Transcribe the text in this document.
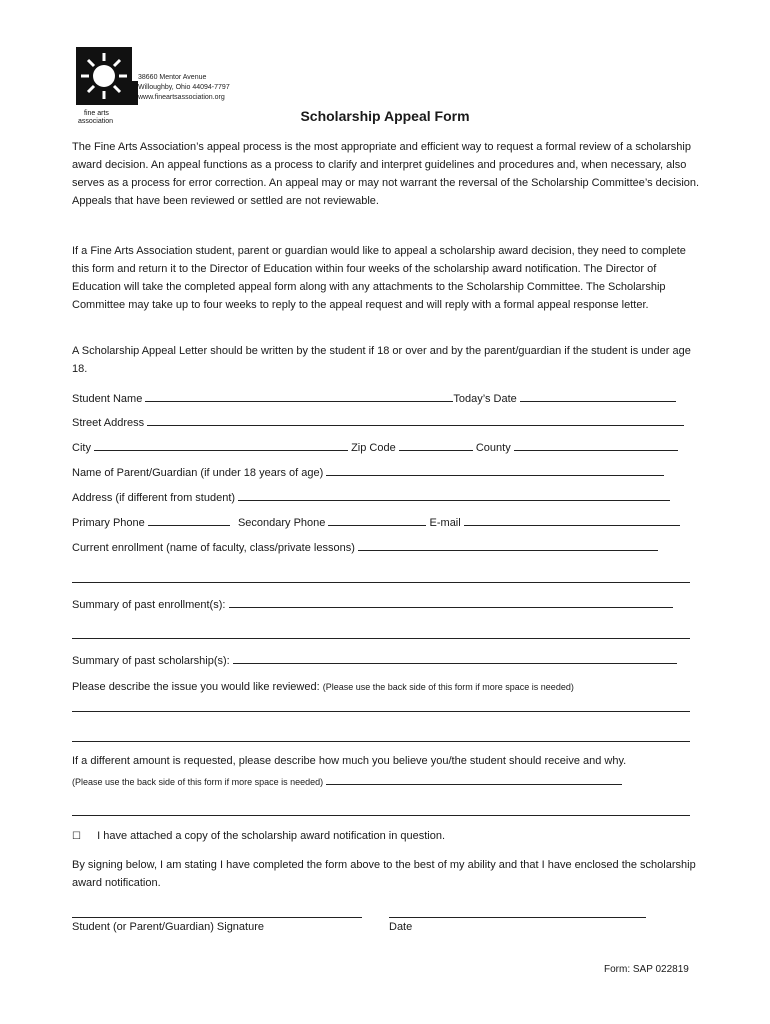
fine arts
association
38660 Mentor Avenue
Willoughby, Ohio 44094-7797
www.fineartsassociation.org
Scholarship Appeal Form
The Fine Arts Association’s appeal process is the most appropriate and efficient way to request a formal review of a scholarship award decision. An appeal functions as a process to clarify and interpret guidelines and procedures and, when necessary, also serves as a process for error correction. An appeal may or may not warrant the reversal of the Scholarship Committee’s decision. Appeals that have been reviewed or settled are not reviewable.
If a Fine Arts Association student, parent or guardian would like to appeal a scholarship award decision, they need to complete this form and return it to the Director of Education within four weeks of the scholarship award notification. The Director of Education will take the completed appeal form along with any attachments to the Scholarship Committee. The Scholarship Committee may take up to four weeks to reply to the appeal request and will reply with a formal appeal response letter.
A Scholarship Appeal Letter should be written by the student if 18 or over and by the parent/guardian if the student is under age 18.
Student Name	Today’s Date
Street Address
City	Zip Code	County
Name of Parent/Guardian (if under 18 years of age)
Address (if different from student)
Primary Phone	Secondary Phone	E-mail
Current enrollment (name of faculty, class/private lessons)
Summary of past enrollment(s):
Summary of past scholarship(s):
Please describe the issue you would like reviewed: (Please use the back side of this form if more space is needed)
If a different amount is requested, please describe how much you believe you/the student should receive and why.
(Please use the back side of this form if more space is needed)
☐ I have attached a copy of the scholarship award notification in question.
By signing below, I am stating I have completed the form above to the best of my ability and that I have enclosed the scholarship award notification.
Student (or Parent/Guardian) Signature	Date
Form: SAP 022819
